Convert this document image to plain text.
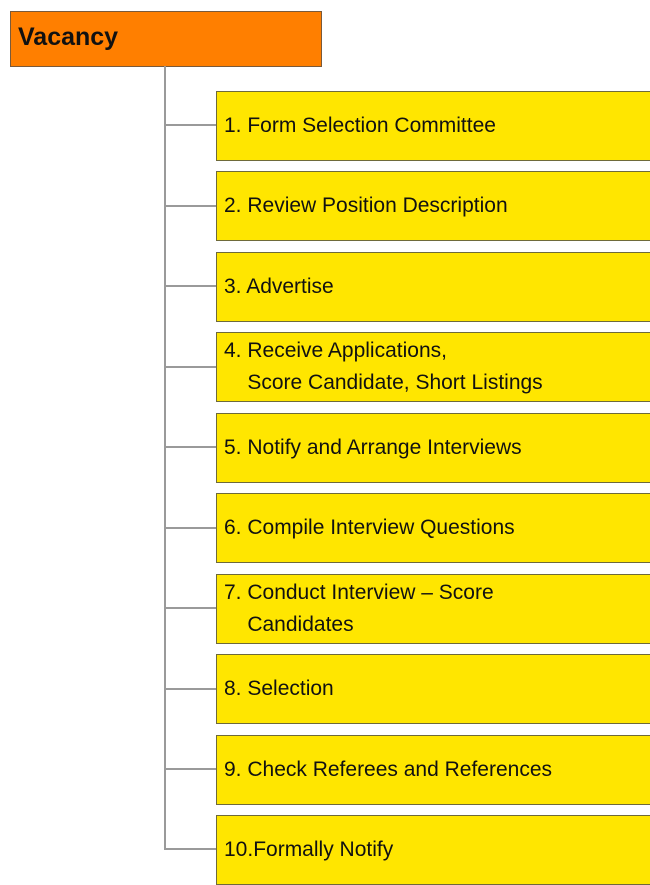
Vacancy
1. Form Selection Committee
2. Review Position Description
3. Advertise
4. Receive Applications,
Score Candidate, Short Listings
5. Notify and Arrange Interviews
6. Compile Interview Questions
7. Conduct Interview – Score
Candidates
8. Selection
9. Check Referees and References
10.Formally Notify
